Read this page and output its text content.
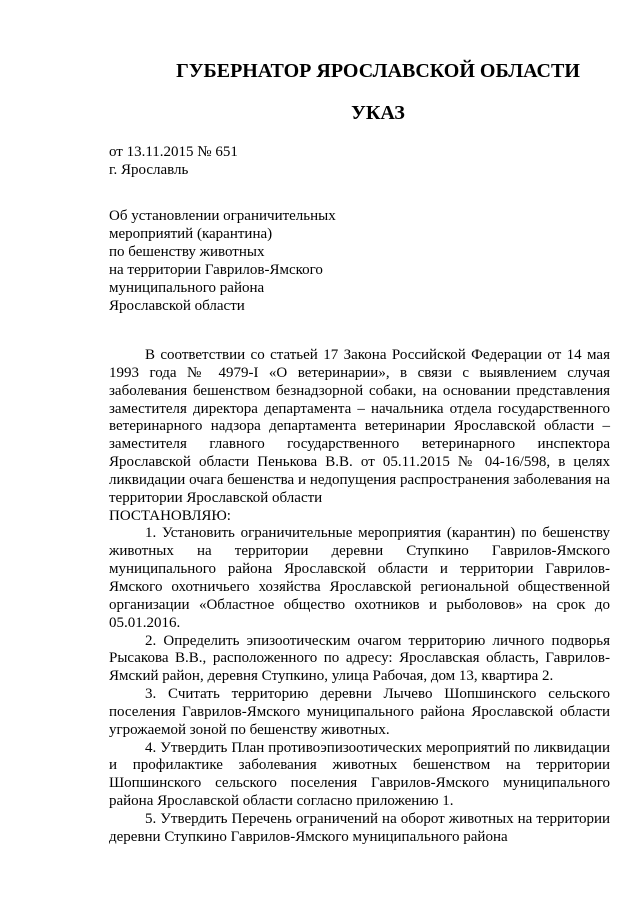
ГУБЕРНАТОР ЯРОСЛАВСКОЙ ОБЛАСТИ
УКАЗ
от 13.11.2015 № 651
г. Ярославль
Об установлении ограничительных
мероприятий (карантина)
по бешенству животных
на территории Гаврилов-Ямского
муниципального района
Ярославской области
В соответствии со статьей 17 Закона Российской Федерации от 14 мая 1993 года № 4979-I «О ветеринарии», в связи с выявлением случая заболевания бешенством безнадзорной собаки, на основании представления заместителя директора департамента – начальника отдела государственного ветеринарного надзора департамента ветеринарии Ярославской области – заместителя главного государственного ветеринарного инспектора Ярославской области Пенькова В.В. от 05.11.2015 № 04-16/598, в целях ликвидации очага бешенства и недопущения распространения заболевания на территории Ярославской области
ПОСТАНОВЛЯЮ:
1. Установить ограничительные мероприятия (карантин) по бешенству животных на территории деревни Ступкино Гаврилов-Ямского муниципального района Ярославской области и территории Гаврилов-Ямского охотничьего хозяйства Ярославской региональной общественной организации «Областное общество охотников и рыболовов» на срок до 05.01.2016.
2. Определить эпизоотическим очагом территорию личного подворья Рысакова В.В., расположенного по адресу: Ярославская область, Гаврилов-Ямский район, деревня Ступкино, улица Рабочая, дом 13, квартира 2.
3. Считать территорию деревни Лычево Шопшинского сельского поселения Гаврилов-Ямского муниципального района Ярославской области угрожаемой зоной по бешенству животных.
4. Утвердить План противоэпизоотических мероприятий по ликвидации и профилактике заболевания животных бешенством на территории Шопшинского сельского поселения Гаврилов-Ямского муниципального района Ярославской области согласно приложению 1.
5. Утвердить Перечень ограничений на оборот животных на территории деревни Ступкино Гаврилов-Ямского муниципального района
